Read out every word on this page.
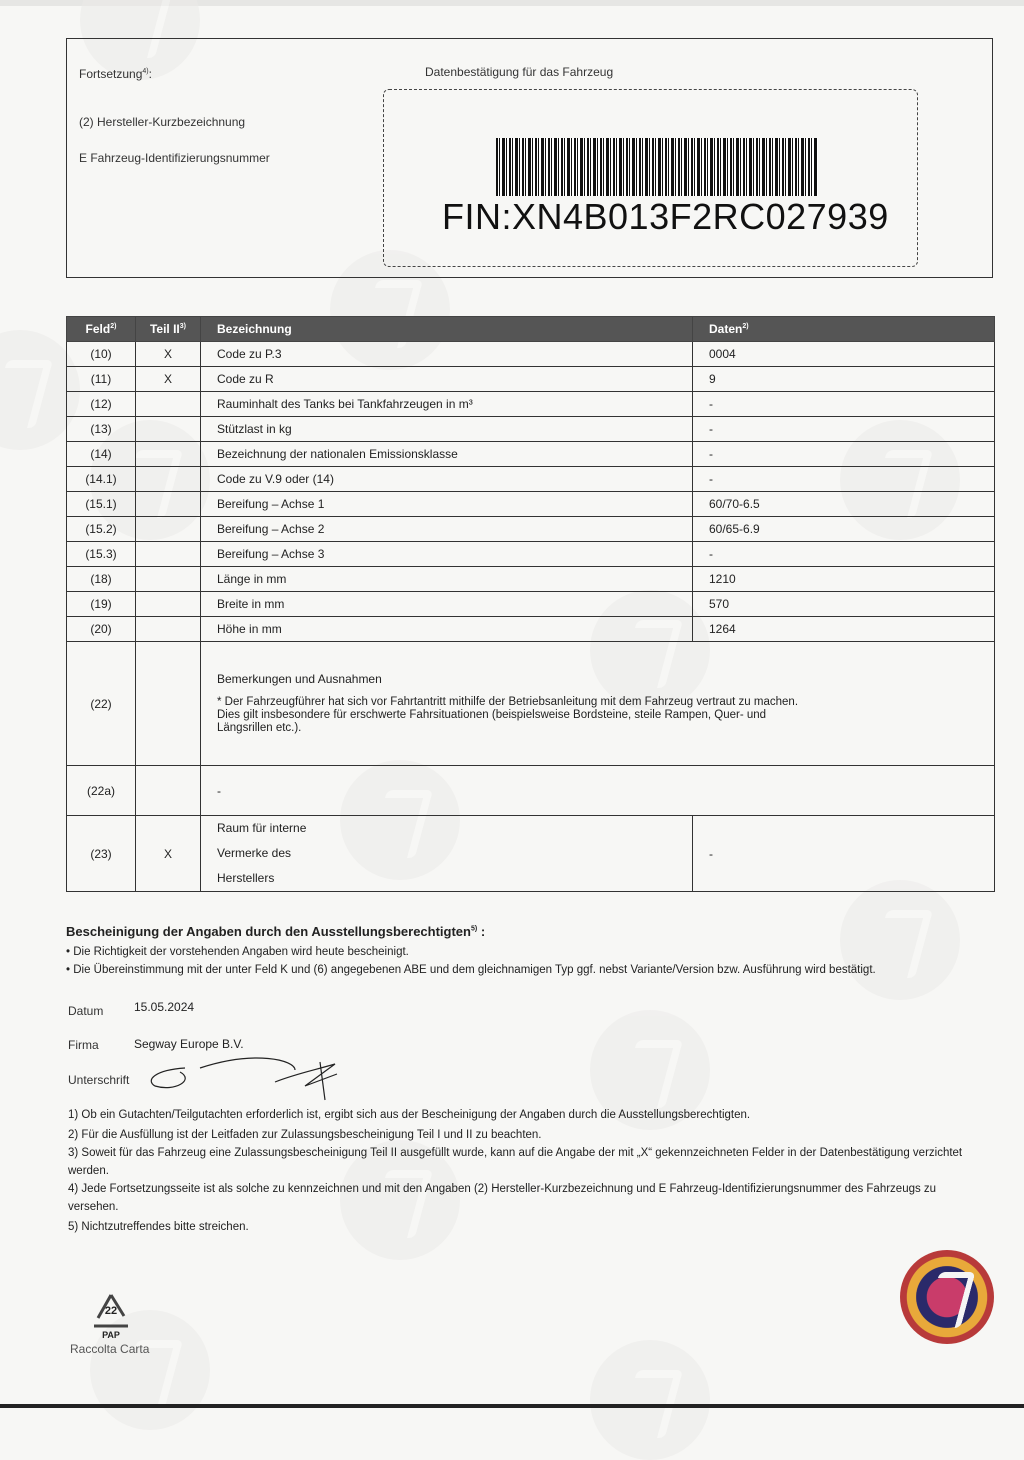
Fortsetzung$^{4)}$:	Datenbestätigung für das Fahrzeug
(2) Hersteller-Kurzbezeichnung
E Fahrzeug-Identifizierungsnummer
FIN:XN4B013F2RC027939
Feld$^{2)}$	Teil II$^{3)}$	Bezeichnung	Daten$^{2)}$
(10)	X	Code zu P.3	0004
(11)	X	Code zu R	9
(12)		Rauminhalt des Tanks bei Tankfahrzeugen in m³	-
(13)		Stützlast in kg	-
(14)		Bezeichnung der nationalen Emissionsklasse	-
(14.1)		Code zu V.9 oder (14)	-
(15.1)		Bereifung – Achse 1	60/70-6.5
(15.2)		Bereifung – Achse 2	60/65-6.9
(15.3)		Bereifung – Achse 3	-
(18)		Länge in mm	1210
(19)		Breite in mm	570
(20)		Höhe in mm	1264
(22)		Bemerkungen und Ausnahmen
* Der Fahrzeugführer hat sich vor Fahrtantritt mithilfe der Betriebsanleitung mit dem Fahrzeug vertraut zu machen. Dies gilt insbesondere für erschwerte Fahrsituationen (beispielsweise Bordsteine, steile Rampen, Quer- und Längsrillen etc.).	

(22a)		-	
(23)	X	Raum für interne
Vermerke des
Herstellers	-
Bescheinigung der Angaben durch den Ausstellungsberechtigten$^{5)}$ :
• Die Richtigkeit der vorstehenden Angaben wird heute bescheinigt.
• Die Übereinstimmung mit der unter Feld K und (6) angegebenen ABE und dem gleichnamigen Typ ggf. nebst Variante/Version bzw. Ausführung wird bestätigt.
Datum	15.05.2024
Firma	Segway Europe B.V.
Unterschrift
1) Ob ein Gutachten/Teilgutachten erforderlich ist, ergibt sich aus der Bescheinigung der Angaben durch die Ausstellungsberechtigten.
2) Für die Ausfüllung ist der Leitfaden zur Zulassungsbescheinigung Teil I und II zu beachten.
3) Soweit für das Fahrzeug eine Zulassungsbescheinigung Teil II ausgefüllt wurde, kann auf die Angabe der mit „X“ gekennzeichneten Felder in der Datenbestätigung verzichtet werden.
4) Jede Fortsetzungsseite ist als solche zu kennzeichnen und mit den Angaben (2) Hersteller-Kurzbezeichnung und E Fahrzeug-Identifizierungsnummer des Fahrzeugs zu versehen.
5) Nichtzutreffendes bitte streichen.
22
PAP
Raccolta Carta
